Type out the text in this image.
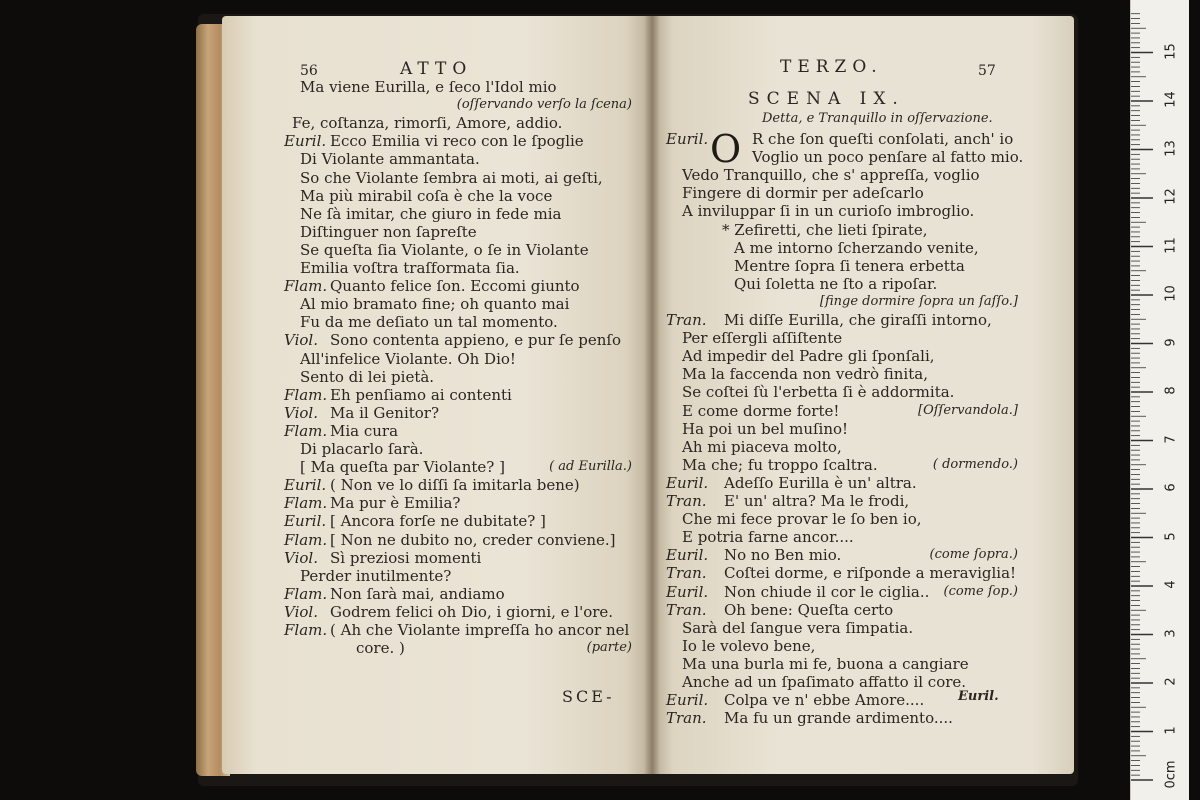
56	ATTO
Ma viene Eurilla, e ſeco l'Idol mio
(oſſervando verſo la ſcena)
Fe, coſtanza, rimorſi, Amore, addio.
Euril. Ecco Emilia vi reco con le ſpoglie
Di Violante ammantata.
So che Violante ſembra ai moti, ai geſti,
Ma più mirabil coſa è che la voce
Ne ſà imitar, che giuro in fede mia
Diſtinguer non ſapreſte
Se queſta ſia Violante, o ſe in Violante
Emilia voſtra traſformata ſia.
Flam. Quanto felice ſon. Eccomi giunto
Al mio bramato fine; oh quanto mai
Fu da me deſiato un tal momento.
Viol. Sono contenta appieno, e pur ſe penſo
All'infelice Violante. Oh Dio!
Sento di lei pietà.
Flam. Eh penſiamo ai contenti
Viol. Ma il Genitor?
Flam. Mia cura
Di placarlo ſarà.
[ Ma queſta par Violante? ]	( ad Eurilla.)
Euril. ( Non ve lo diſſi ſa imitarla bene)
Flam. Ma pur è Emilia?
Euril. [ Ancora forſe ne dubitate? ]
Flam. [ Non ne dubito no, creder conviene.]
Viol. Sì preziosi momenti
Perder inutilmente?
Flam. Non ſarà mai, andiamo
Viol. Godrem felici oh Dio, i giorni, e l'ore.
Flam. ( Ah che Violante impreſſa ho ancor nel
core. )	(parte)
SCE-
TERZO.	57
SCENA IX.
Detta, e Tranquillo in oſſervazione.
Euril.	R che ſon queſti conſolati, anch' io
Voglio un poco penſare al fatto mio.
Vedo Tranquillo, che s' appreſſa, voglio
Fingere di dormir per adeſcarlo
A inviluppar ſi in un curioſo imbroglio.
* Zefiretti, che lieti ſpirate,
A me intorno ſcherzando venite,
Mentre ſopra ſi tenera erbetta
Qui ſoletta ne ſto a ripoſar.
[finge dormire ſopra un ſaſſo.]
Tran. Mi diſſe Eurilla, che giraſſi intorno,
Per eſſergli aſſiſtente
Ad impedir del Padre gli ſponſali,
Ma la faccenda non vedrò finita,
Se coſtei ſù l'erbetta ſi è addormita.
E come dorme forte!	[Oſſervandola.]
Ha poi un bel muſino!
Ah mi piaceva molto,
Ma che; fu troppo ſcaltra.	( dormendo.)
Euril. Adeſſo Eurilla è un' altra.
Tran. E' un' altra? Ma le frodi,
Che mi fece provar le ſo ben io,
E potria farne ancor....
Euril. No no Ben mio.	(come ſopra.)
Tran. Coſtei dorme, e riſponde a meraviglia!
Euril. Non chiude il cor le ciglia.. (come ſop.)
Tran. Oh bene: Queſta certo
Sarà del ſangue vera ſimpatia.
Io le volevo bene,
Ma una burla mi fe, buona a cangiare
Anche ad un ſpaſimato affatto il core.
Euril. Colpa ve n' ebbe Amore....
Tran. Ma fu un grande ardimento....
Euril.
O
0cm
1
2
3
4
5
6
7
8
9
10
11
12
13
14
15
